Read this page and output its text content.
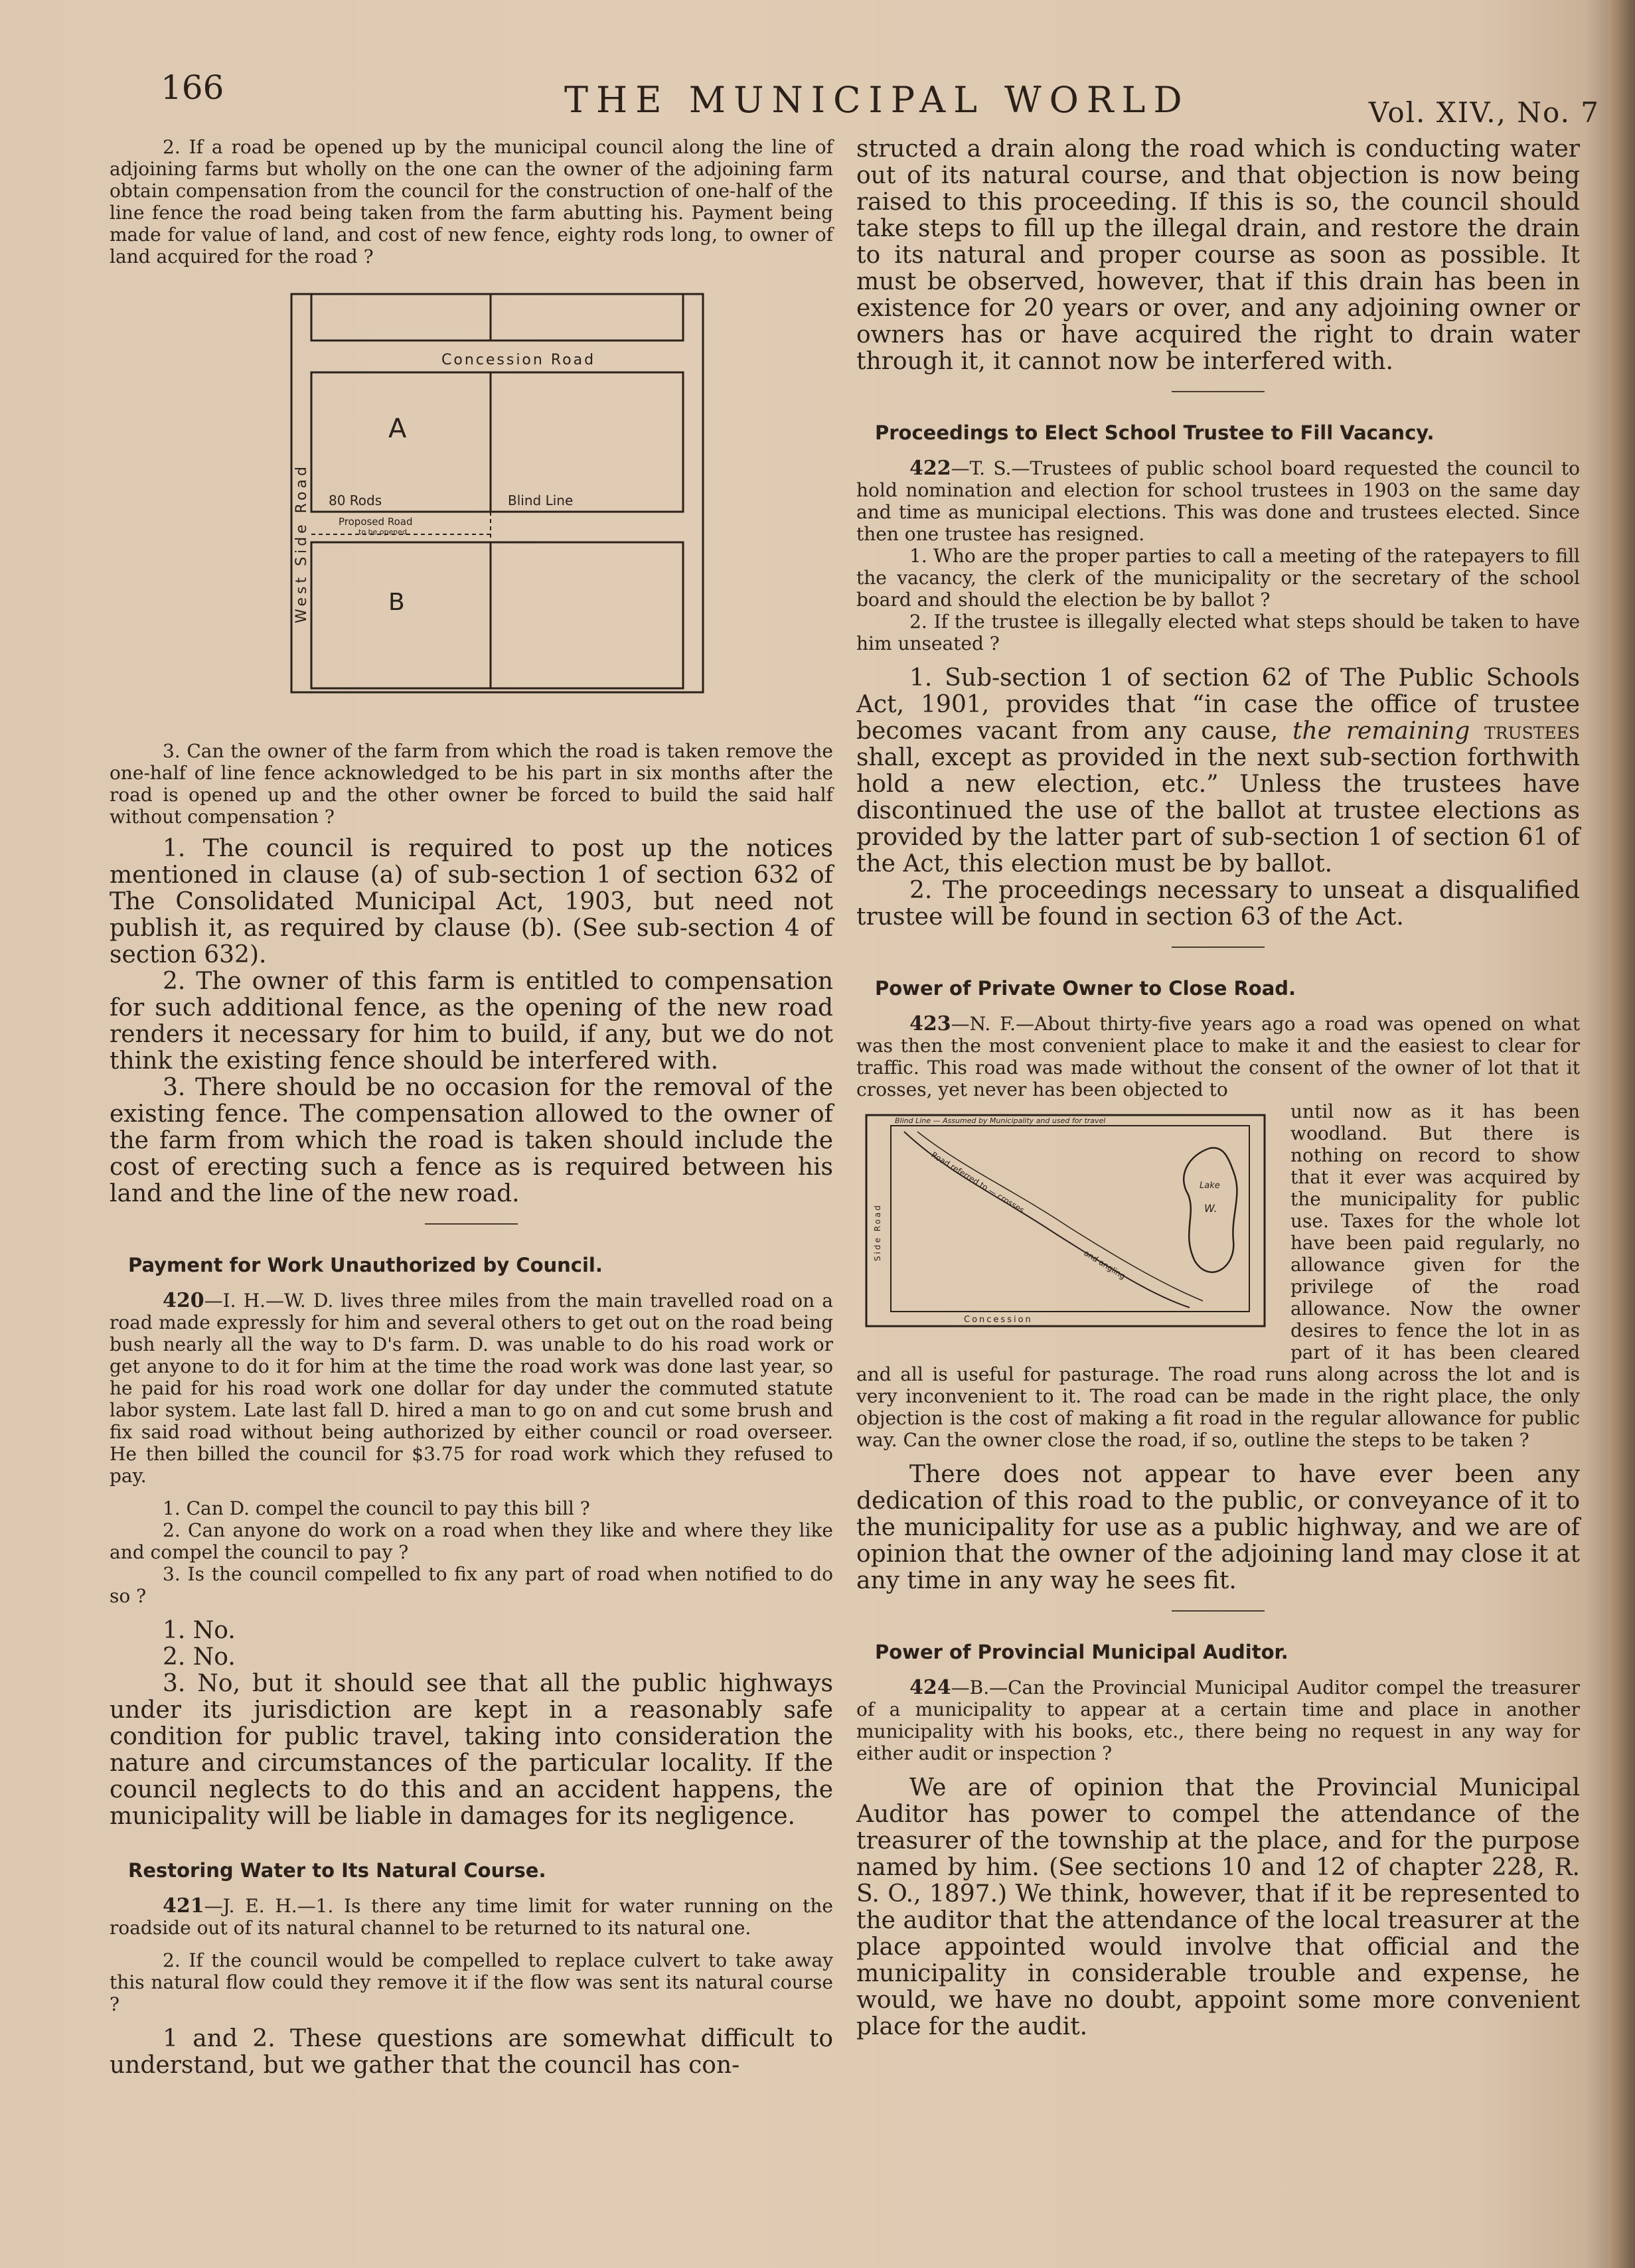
166	THE MUNICIPAL WORLD	Vol. XIV., No. 7

2. If a road be opened up by the municipal council along the line of adjoining farms but wholly on the one can the owner of the adjoining farm obtain compensation from the council for the construction of one-half of the line fence the road being taken from the farm abutting his. Payment being made for value of land, and cost of new fence, eighty rods long, to owner of land acquired for the road ?

Concession Road
A
80 Rods	Blind Line
Proposed Road
to be opened
B
West Side Road

3. Can the owner of the farm from which the road is taken remove the one-half of line fence acknowledged to be his part in six months after the road is opened up and the other owner be forced to build the said half without compensation ?

1. The council is required to post up the notices mentioned in clause (a) of sub-section 1 of section 632 of The Consolidated Municipal Act, 1903, but need not publish it, as required by clause (b). (See sub-section 4 of section 632).

2. The owner of this farm is entitled to compensation for such additional fence, as the opening of the new road renders it necessary for him to build, if any, but we do not think the existing fence should be interfered with.

3. There should be no occasion for the removal of the existing fence. The compensation allowed to the owner of the farm from which the road is taken should include the cost of erecting such a fence as is required between his land and the line of the new road.

Payment for Work Unauthorized by Council.

420—I. H.—W. D. lives three miles from the main travelled road on a road made expressly for him and several others to get out on the road being bush nearly all the way to D's farm. D. was unable to do his road work or get anyone to do it for him at the time the road work was done last year, so he paid for his road work one dollar for day under the commuted statute labor system. Late last fall D. hired a man to go on and cut some brush and fix said road without being authorized by either council or road overseer. He then billed the council for $3.75 for road work which they refused to pay.

1. Can D. compel the council to pay this bill ?

2. Can anyone do work on a road when they like and where they like and compel the council to pay ?

3. Is the council compelled to fix any part of road when notified to do so ?

1. No.

2. No.

3. No, but it should see that all the public highways under its jurisdiction are kept in a reasonably safe condition for public travel, taking into consideration the nature and circumstances of the particular locality. If the council neglects to do this and an accident happens, the municipality will be liable in damages for its negligence.

Restoring Water to Its Natural Course.

421—J. E. H.—1. Is there any time limit for water running on the roadside out of its natural channel to be returned to its natural one.

2. If the council would be compelled to replace culvert to take away this natural flow could they remove it if the flow was sent its natural course ?

1 and 2. These questions are somewhat difficult to understand, but we gather that the council has con-

structed a drain along the road which is conducting water out of its natural course, and that objection is now being raised to this proceeding. If this is so, the council should take steps to fill up the illegal drain, and restore the drain to its natural and proper course as soon as possible. It must be observed, however, that if this drain has been in existence for 20 years or over, and any adjoining owner or owners has or have acquired the right to drain water through it, it cannot now be interfered with.

Proceedings to Elect School Trustee to Fill Vacancy.

422—T. S.—Trustees of public school board requested the council to hold nomination and election for school trustees in 1903 on the same day and time as municipal elections. This was done and trustees elected. Since then one trustee has resigned.

1. Who are the proper parties to call a meeting of the ratepayers to fill the vacancy, the clerk of the municipality or the secretary of the school board and should the election be by ballot ?

2. If the trustee is illegally elected what steps should be taken to have him unseated ?

1. Sub-section 1 of section 62 of The Public Schools Act, 1901, provides that “in case the office of trustee becomes vacant from any cause, the remaining trustees shall, except as provided in the next sub-section forthwith hold a new election, etc.” Unless the trustees have discontinued the use of the ballot at trustee elections as provided by the latter part of sub-section 1 of section 61 of the Act, this election must be by ballot.

2. The proceedings necessary to unseat a disqualified trustee will be found in section 63 of the Act.

Power of Private Owner to Close Road.

423—N. F.—About thirty-five years ago a road was opened on what was then the most convenient place to make it and the easiest to clear for traffic. This road was made without the consent of the owner of lot that it crosses, yet never has been objected to

Blind Line — Assumed by Municipality and used for travel
Road referred to — crosses
and angling
Lake
W.
Side Road
Concession

until now as it has been woodland. But there is nothing on record to show that it ever was acquired by the municipality for public use. Taxes for the whole lot have been paid regularly, no allowance given for the privilege of the road allowance. Now the owner desires to fence the lot in as part of it has been cleared and all is useful for pasturage. The road runs along across the lot and is very inconvenient to it. The road can be made in the right place, the only objection is the cost of making a fit road in the regular allowance for public way. Can the owner close the road, if so, outline the steps to be taken ?

There does not appear to have ever been any dedication of this road to the public, or conveyance of it to the municipality for use as a public highway, and we are of opinion that the owner of the adjoining land may close it at any time in any way he sees fit.

Power of Provincial Municipal Auditor.

424—B.—Can the Provincial Municipal Auditor compel the treasurer of a municipality to appear at a certain time and place in another municipality with his books, etc., there being no request in any way for either audit or inspection ?

We are of opinion that the Provincial Municipal Auditor has power to compel the attendance of the treasurer of the township at the place, and for the purpose named by him. (See sections 10 and 12 of chapter 228, R. S. O., 1897.) We think, however, that if it be represented to the auditor that the attendance of the local treasurer at the place appointed would involve that official and the municipality in considerable trouble and expense, he would, we have no doubt, appoint some more convenient place for the audit.
